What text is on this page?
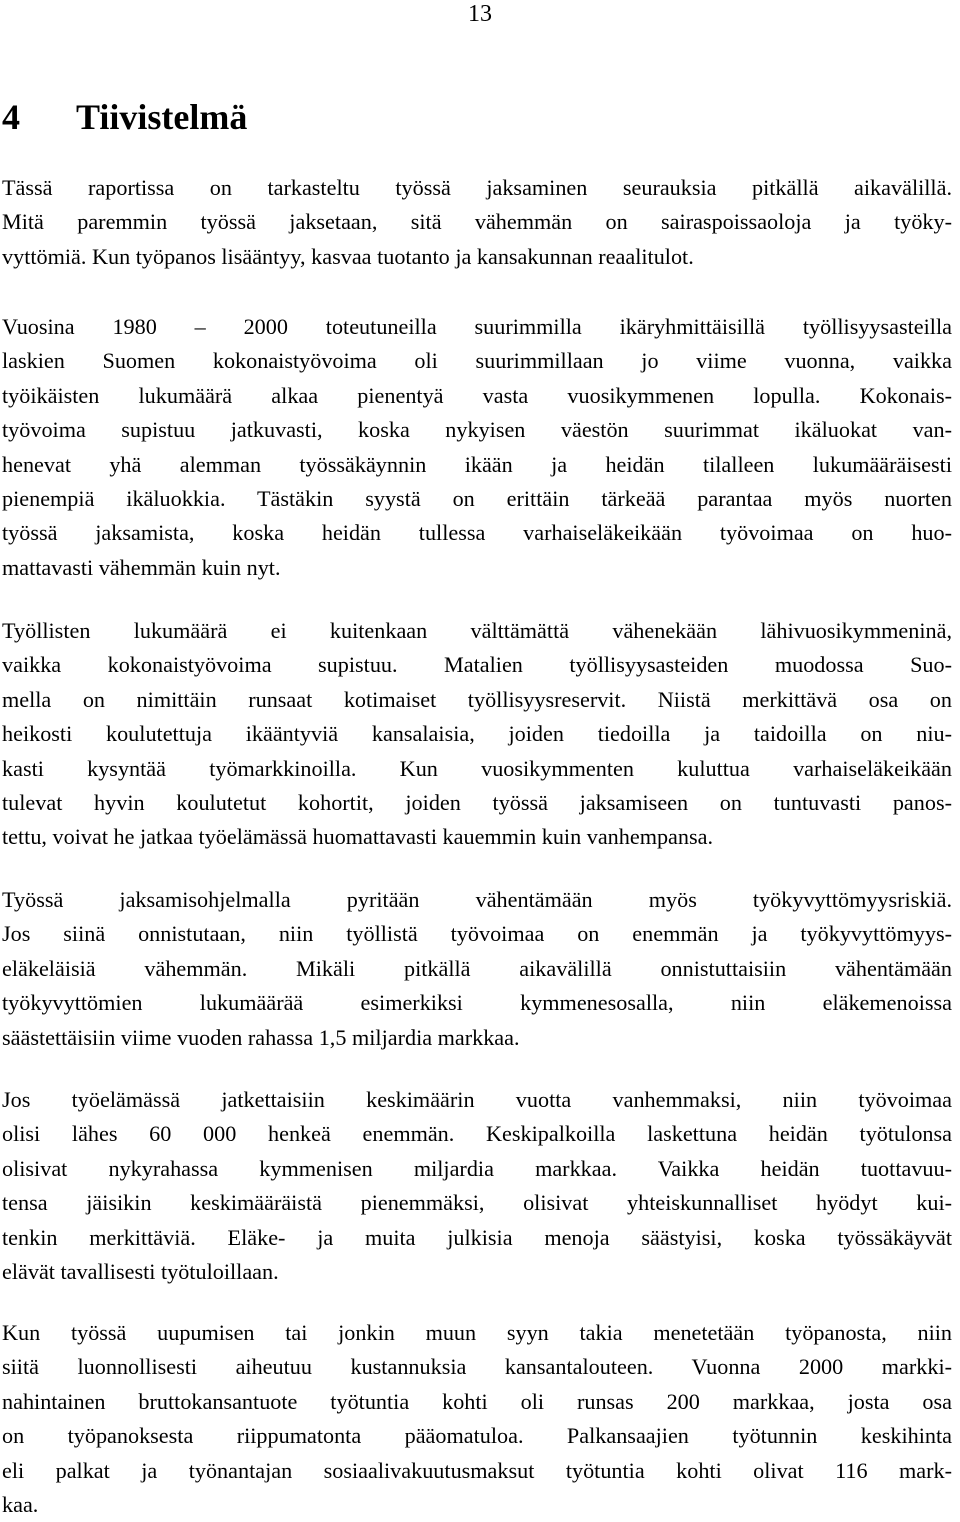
13
4 Tiivistelmä

Tässä raportissa on tarkasteltu työssä jaksaminen seurauksia pitkällä aikavälillä.
Mitä paremmin työssä jaksetaan, sitä vähemmän on sairaspoissaoloja ja työky-
vyttömiä. Kun työpanos lisääntyy, kasvaa tuotanto ja kansakunnan reaalitulot.

Vuosina 1980 – 2000 toteutuneilla suurimmilla ikäryhmittäisillä työllisyysasteilla
laskien Suomen kokonaistyövoima oli suurimmillaan jo viime vuonna, vaikka
työikäisten lukumäärä alkaa pienentyä vasta vuosikymmenen lopulla. Kokonais-
työvoima supistuu jatkuvasti, koska nykyisen väestön suurimmat ikäluokat van-
henevat yhä alemman työssäkäynnin ikään ja heidän tilalleen lukumääräisesti
pienempiä ikäluokkia. Tästäkin syystä on erittäin tärkeää parantaa myös nuorten
työssä jaksamista, koska heidän tullessa varhaiseläkeikään työvoimaa on huo-
mattavasti vähemmän kuin nyt.

Työllisten lukumäärä ei kuitenkaan välttämättä vähenekään lähivuosikymmeninä,
vaikka kokonaistyövoima supistuu. Matalien työllisyysasteiden muodossa Suo-
mella on nimittäin runsaat kotimaiset työllisyysreservit. Niistä merkittävä osa on
heikosti koulutettuja ikääntyviä kansalaisia, joiden tiedoilla ja taidoilla on niu-
kasti kysyntää työmarkkinoilla. Kun vuosikymmenten kuluttua varhaiseläkeikään
tulevat hyvin koulutetut kohortit, joiden työssä jaksamiseen on tuntuvasti panos-
tettu, voivat he jatkaa työelämässä huomattavasti kauemmin kuin vanhempansa.

Työssä jaksamisohjelmalla pyritään vähentämään myös työkyvyttömyysriskiä.
Jos siinä onnistutaan, niin työllistä työvoimaa on enemmän ja työkyvyttömyys-
eläkeläisiä vähemmän. Mikäli pitkällä aikavälillä onnistuttaisiin vähentämään
työkyvyttömien lukumäärää esimerkiksi kymmenesosalla, niin eläkemenoissa
säästettäisiin viime vuoden rahassa 1,5 miljardia markkaa.

Jos työelämässä jatkettaisiin keskimäärin vuotta vanhemmaksi, niin työvoimaa
olisi lähes 60 000 henkeä enemmän. Keskipalkoilla laskettuna heidän työtulonsa
olisivat nykyrahassa kymmenisen miljardia markkaa. Vaikka heidän tuottavuu-
tensa jäisikin keskimääräistä pienemmäksi, olisivat yhteiskunnalliset hyödyt kui-
tenkin merkittäviä. Eläke- ja muita julkisia menoja säästyisi, koska työssäkäyvät
elävät tavallisesti työtuloillaan.

Kun työssä uupumisen tai jonkin muun syyn takia menetetään työpanosta, niin
siitä luonnollisesti aiheutuu kustannuksia kansantalouteen. Vuonna 2000 markki-
nahintainen bruttokansantuote työtuntia kohti oli runsas 200 markkaa, josta osa
on työpanoksesta riippumatonta pääomatuloa. Palkansaajien työtunnin keskihinta
eli palkat ja työnantajan sosiaalivakuutusmaksut työtuntia kohti olivat 116 mark-
kaa.
